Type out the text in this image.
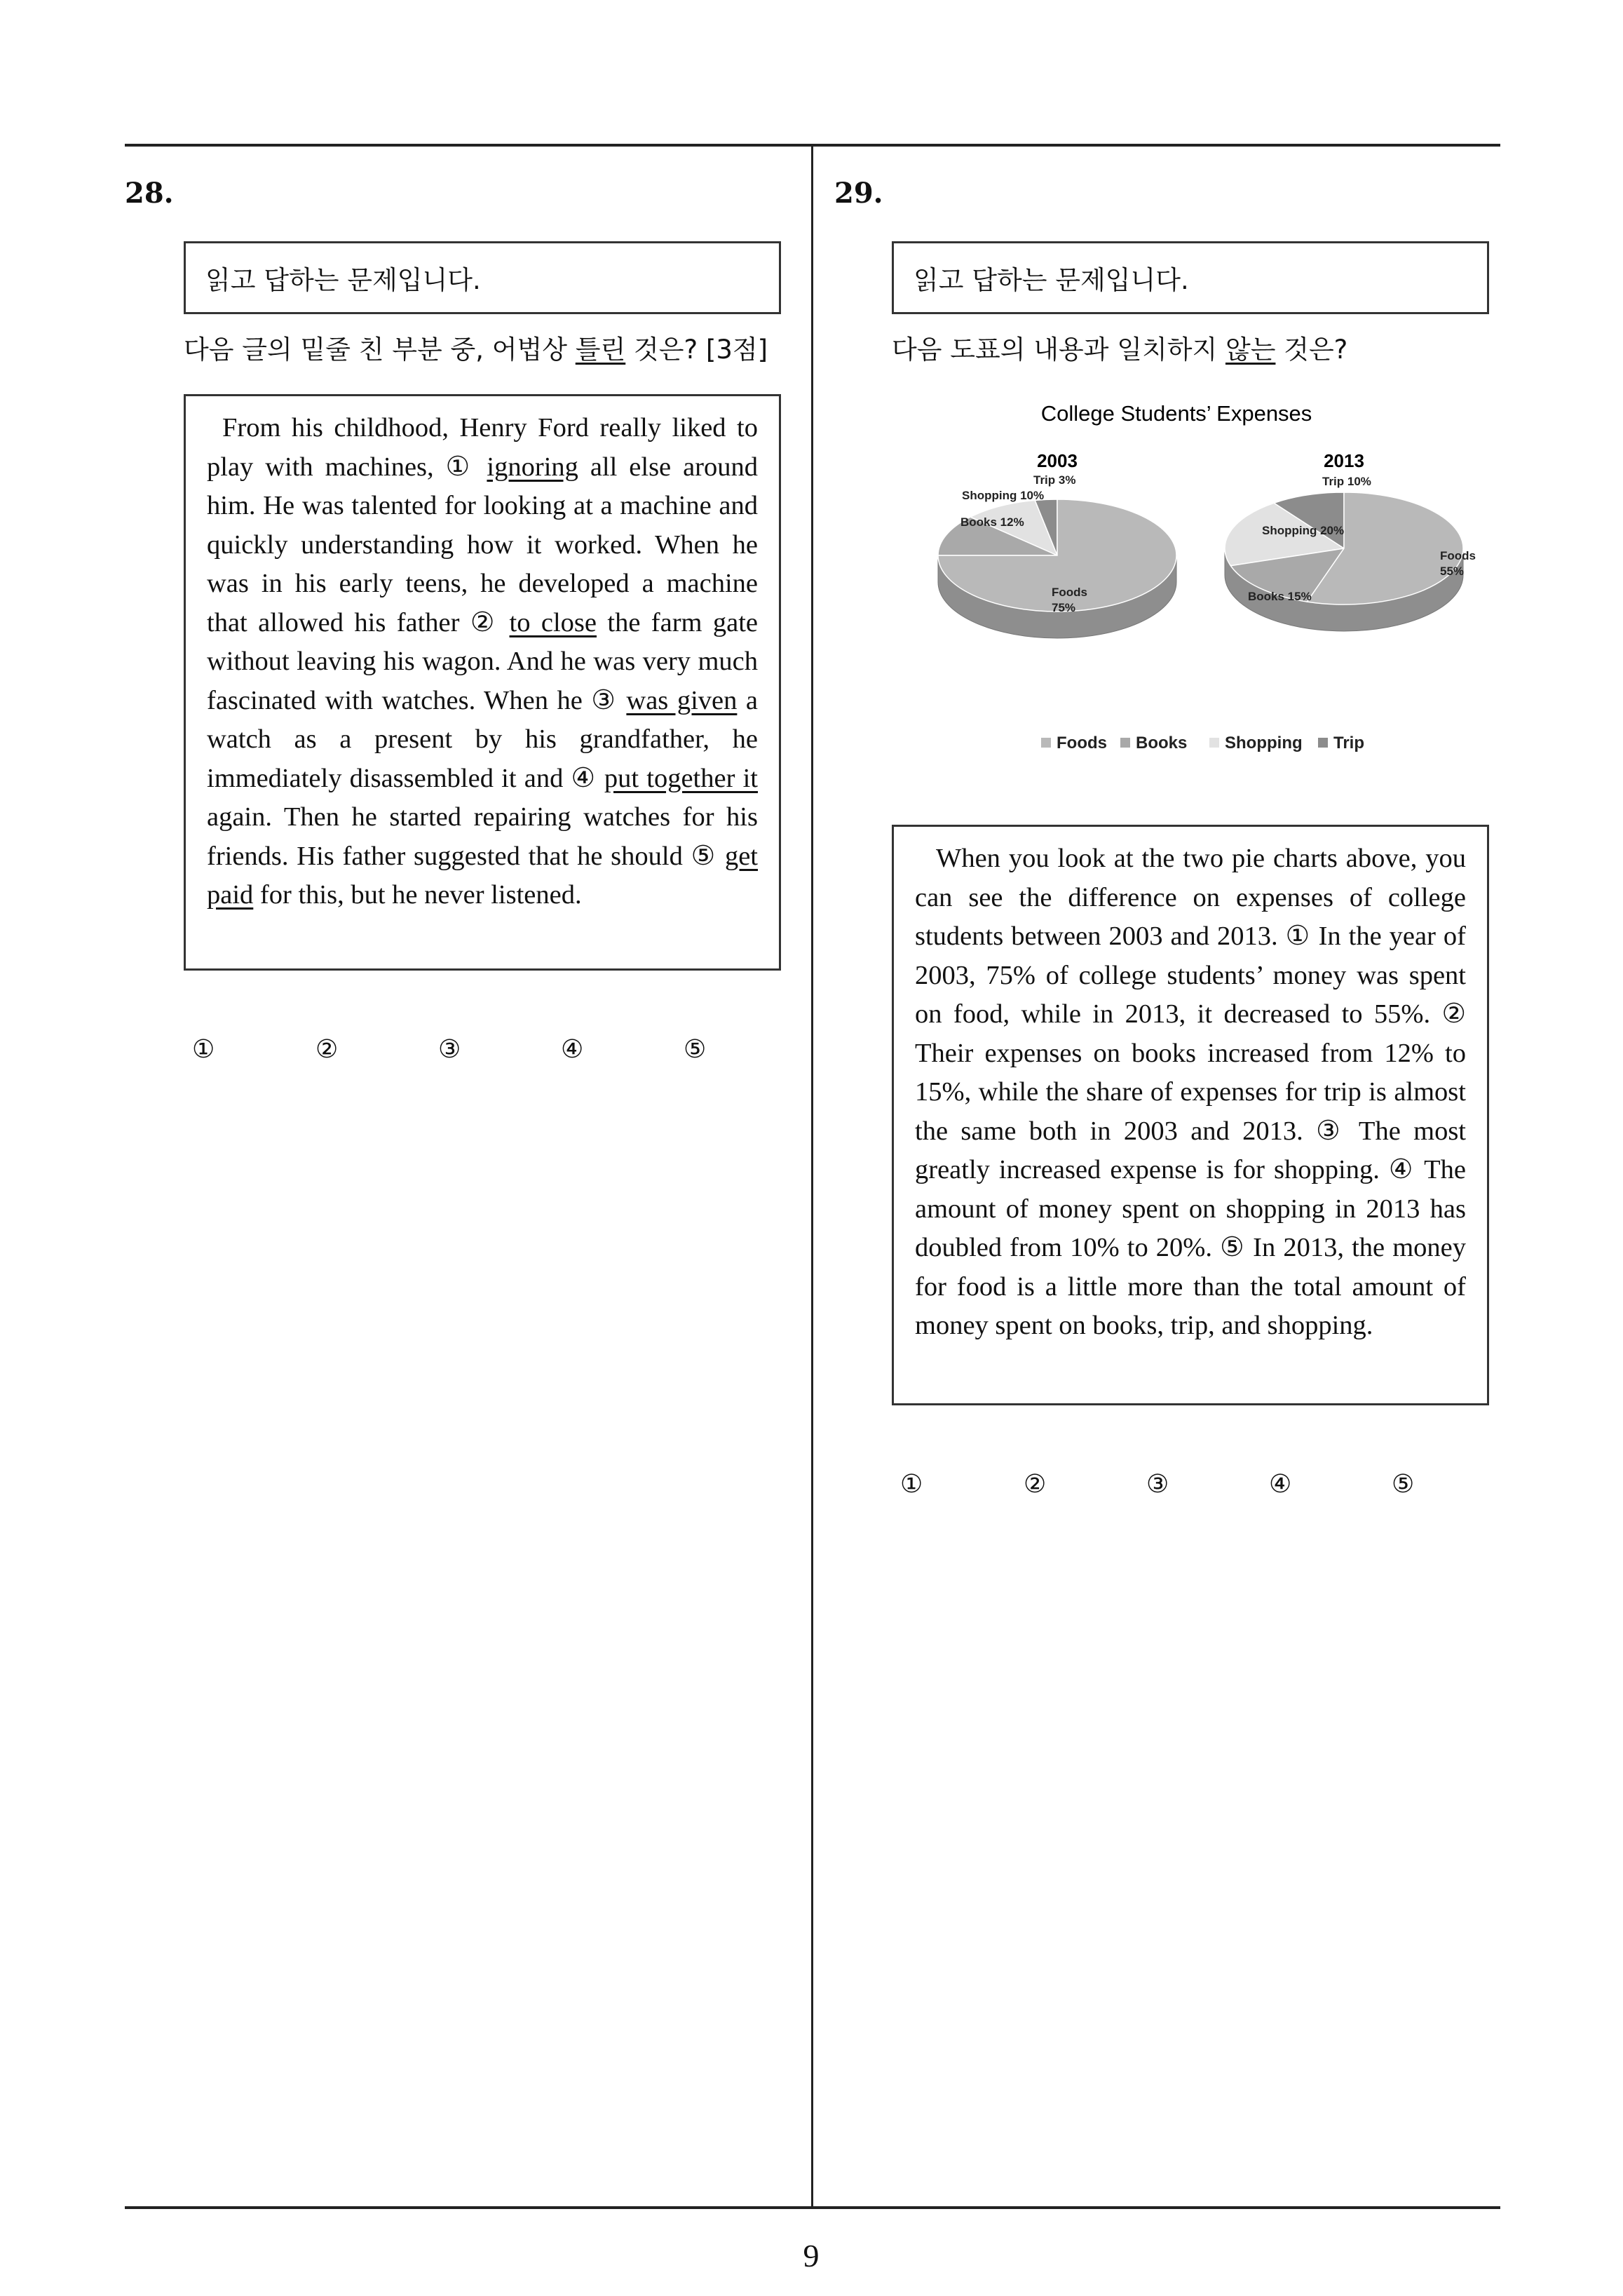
28.
읽고 답하는 문제입니다.
다음 글의 밑줄 친 부분 중, 어법상 틀린 것은? [3점]
From his childhood, Henry Ford really liked to play with machines, ① ignoring all else around him. He was talented for looking at a machine and quickly understanding how it worked. When he was in his early teens, he developed a machine that allowed his father ② to close the farm gate without leaving his wagon. And he was very much fascinated with watches. When he ③ was given a watch as a present by his grandfather, he immediately disassembled it and ④ put together it again. Then he started repairing watches for his friends. His father suggested that he should ⑤ get paid for this, but he never listened.
①	②	③	④	⑤
29.
읽고 답하는 문제입니다.
다음 도표의 내용과 일치하지 않는 것은?
College Students’ Expenses
2003	2013
Foods 75%
Books 12%
Shopping 10%
Trip 3%
Foods 55%
Books 15%
Shopping 20%
Trip 10%
Foods Books Shopping Trip
When you look at the two pie charts above, you can see the difference on expenses of college students between 2003 and 2013. ① In the year of 2003, 75% of college students’ money was spent on food, while in 2013, it decreased to 55%. ② Their expenses on books increased from 12% to 15%, while the share of expenses for trip is almost the same both in 2003 and 2013. ③ The most greatly increased expense is for shopping. ④ The amount of money spent on shopping in 2013 has doubled from 10% to 20%. ⑤ In 2013, the money for food is a little more than the total amount of money spent on books, trip, and shopping.
①	②	③	④	⑤
9
